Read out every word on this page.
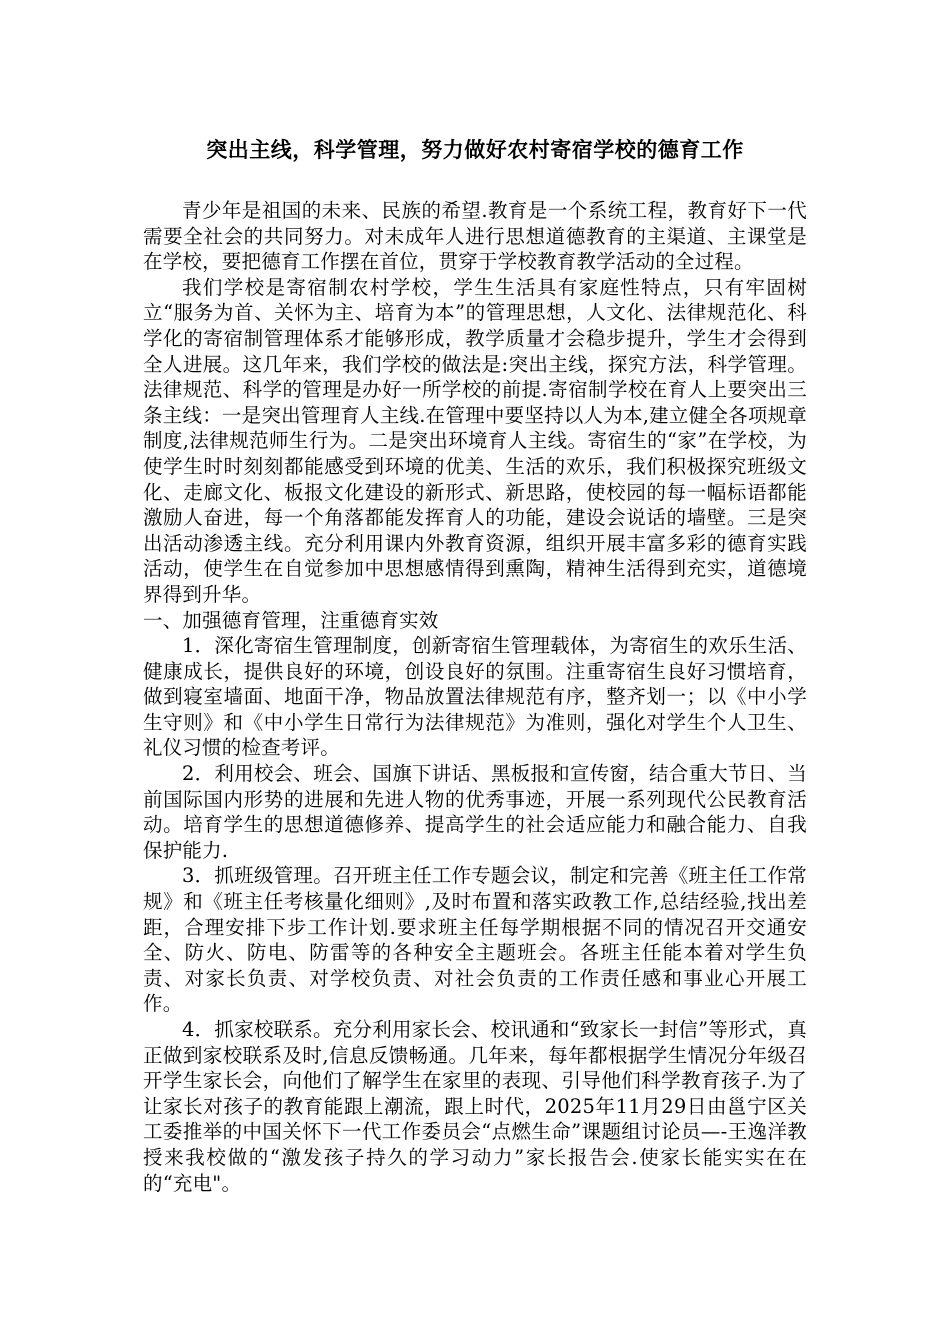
突出主线，科学管理，努力做好农村寄宿学校的德育工作

青少年是祖国的未来、民族的希望.教育是一个系统工程，教育好下一代需要全社会的共同努力。对未成年人进行思想道德教育的主渠道、主课堂是在学校，要把德育工作摆在首位，贯穿于学校教育教学活动的全过程。

我们学校是寄宿制农村学校，学生生活具有家庭性特点，只有牢固树立“服务为首、关怀为主、培育为本”的管理思想，人文化、法律规范化、科学化的寄宿制管理体系才能够形成，教学质量才会稳步提升，学生才会得到全人进展。这几年来，我们学校的做法是:突出主线，探究方法，科学管理。法律规范、科学的管理是办好一所学校的前提.寄宿制学校在育人上要突出三条主线：一是突出管理育人主线.在管理中要坚持以人为本,建立健全各项规章制度,法律规范师生行为。二是突出环境育人主线。寄宿生的“家”在学校，为使学生时时刻刻都能感受到环境的优美、生活的欢乐，我们积极探究班级文化、走廊文化、板报文化建设的新形式、新思路，使校园的每一幅标语都能激励人奋进，每一个角落都能发挥育人的功能，建设会说话的墙壁。三是突出活动渗透主线。充分利用课内外教育资源，组织开展丰富多彩的德育实践活动，使学生在自觉参加中思想感情得到熏陶，精神生活得到充实，道德境界得到升华。

一、加强德育管理，注重德育实效

1．深化寄宿生管理制度，创新寄宿生管理载体，为寄宿生的欢乐生活、健康成长，提供良好的环境，创设良好的氛围。注重寄宿生良好习惯培育，做到寝室墙面、地面干净，物品放置法律规范有序，整齐划一；以《中小学生守则》和《中小学生日常行为法律规范》为准则，强化对学生个人卫生、礼仪习惯的检查考评。

2．利用校会、班会、国旗下讲话、黑板报和宣传窗，结合重大节日、当前国际国内形势的进展和先进人物的优秀事迹，开展一系列现代公民教育活动。培育学生的思想道德修养、提高学生的社会适应能力和融合能力、自我保护能力.

3．抓班级管理。召开班主任工作专题会议，制定和完善《班主任工作常规》和《班主任考核量化细则》,及时布置和落实政教工作,总结经验,找出差距，合理安排下步工作计划.要求班主任每学期根据不同的情况召开交通安全、防火、防电、防雷等的各种安全主题班会。各班主任能本着对学生负责、对家长负责、对学校负责、对社会负责的工作责任感和事业心开展工作。

4．抓家校联系。充分利用家长会、校讯通和“致家长一封信”等形式，真正做到家校联系及时,信息反馈畅通。几年来，每年都根据学生情况分年级召开学生家长会，向他们了解学生在家里的表现、引导他们科学教育孩子.为了让家长对孩子的教育能跟上潮流，跟上时代，2025年11月29日由邕宁区关工委推举的中国关怀下一代工作委员会“点燃生命”课题组讨论员—-王逸洋教授来我校做的“激发孩子持久的学习动力”家长报告会.使家长能实实在在的“充电"。
